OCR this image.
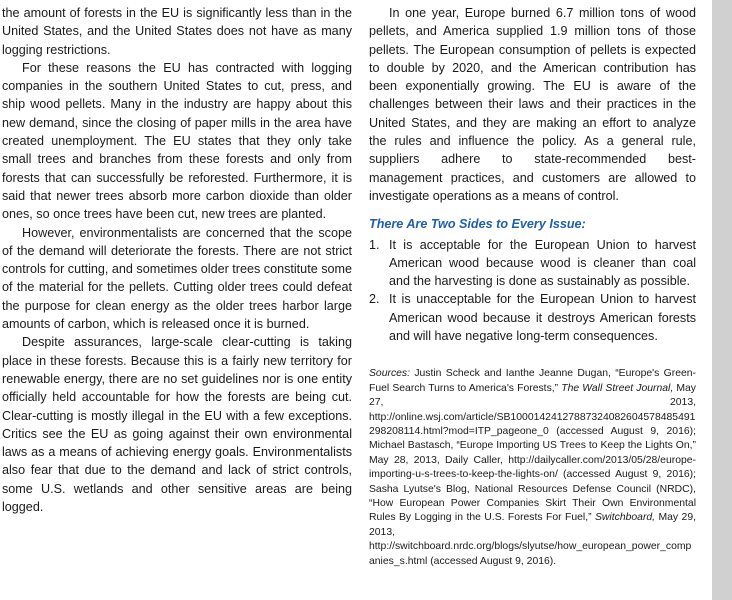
the amount of forests in the EU is significantly less than in the United States, and the United States does not have as many logging restrictions.

For these reasons the EU has contracted with logging companies in the southern United States to cut, press, and ship wood pellets. Many in the industry are happy about this new demand, since the closing of paper mills in the area have created unemployment. The EU states that they only take small trees and branches from these forests and only from forests that can successfully be reforested. Furthermore, it is said that newer trees absorb more carbon dioxide than older ones, so once trees have been cut, new trees are planted.

However, environmentalists are concerned that the scope of the demand will deteriorate the forests. There are not strict controls for cutting, and sometimes older trees constitute some of the material for the pellets. Cutting older trees could defeat the purpose for clean energy as the older trees harbor large amounts of carbon, which is released once it is burned.

Despite assurances, large-scale clear-cutting is taking place in these forests. Because this is a fairly new territory for renewable energy, there are no set guidelines nor is one entity officially held accountable for how the forests are being cut. Clear-cutting is mostly illegal in the EU with a few exceptions. Critics see the EU as going against their own environmental laws as a means of achieving energy goals. Environmentalists also fear that due to the demand and lack of strict controls, some U.S. wetlands and other sensitive areas are being logged.

In one year, Europe burned 6.7 million tons of wood pellets, and America supplied 1.9 million tons of those pellets. The European consumption of pellets is expected to double by 2020, and the American contribution has been exponentially growing. The EU is aware of the challenges between their laws and their practices in the United States, and they are making an effort to analyze the rules and influence the policy. As a general rule, suppliers adhere to state-recommended best-management practices, and customers are allowed to investigate operations as a means of control.

There Are Two Sides to Every Issue:
1. It is acceptable for the European Union to harvest American wood because wood is cleaner than coal and the harvesting is done as sustainably as possible.
2. It is unacceptable for the European Union to harvest American wood because it destroys American forests and will have negative long-term consequences.
Sources: Justin Scheck and Ianthe Jeanne Dugan, “Europe's Green-Fuel Search Turns to America's Forests,” The Wall Street Journal, May 27, 2013, http://online.wsj.com/article/SB10001424127887324082604578485491298208114.html?mod=ITP_pageone_0 (accessed August 9, 2016); Michael Bastasch, “Europe Importing US Trees to Keep the Lights On,” May 28, 2013, Daily Caller, http://dailycaller.com/2013/05/28/europe-importing-u-s-trees-to-keep-the-lights-on/ (accessed August 9, 2016); Sasha Lyutse's Blog, National Resources Defense Council (NRDC), “How European Power Companies Skirt Their Own Environmental Rules By Logging in the U.S. Forests For Fuel,” Switchboard, May 29, 2013, http://switchboard.nrdc.org/blogs/slyutse/how_european_power_companies_s.html (accessed August 9, 2016).
